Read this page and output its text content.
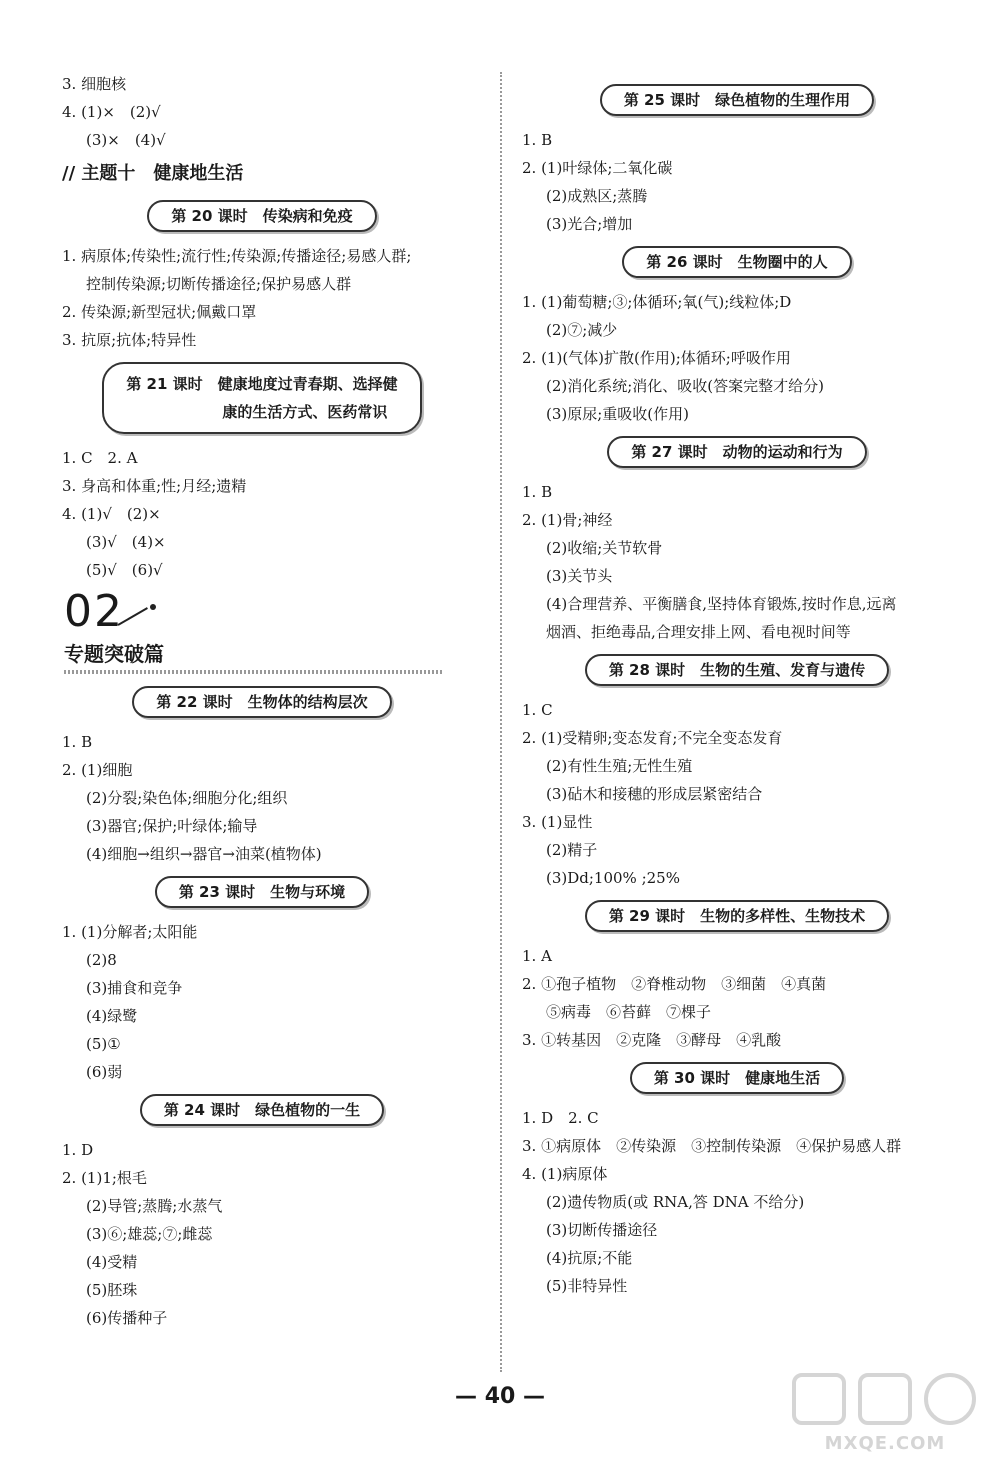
3. 细胞核
4. (1)×　(2)√
(3)×　(4)√
// 主题十　健康地生活
第 20 课时　传染病和免疫
1. 病原体;传染性;流行性;传染源;传播途径;易感人群;
控制传染源;切断传播途径;保护易感人群
2. 传染源;新型冠状;佩戴口罩
3. 抗原;抗体;特异性
第 21 课时　健康地度过青春期、选择健
康的生活方式、医药常识
1. C　2. A
3. 身高和体重;性;月经;遗精
4. (1)√　(2)×
(3)√　(4)×
(5)√　(6)√
02
专题突破篇
第 22 课时　生物体的结构层次
1. B
2. (1)细胞
(2)分裂;染色体;细胞分化;组织
(3)器官;保护;叶绿体;输导
(4)细胞→组织→器官→油菜(植物体)
第 23 课时　生物与环境
1. (1)分解者;太阳能
(2)8
(3)捕食和竞争
(4)绿鹭
(5)①
(6)弱
第 24 课时　绿色植物的一生
1. D
2. (1)1;根毛
(2)导管;蒸腾;水蒸气
(3)⑥;雄蕊;⑦;雌蕊
(4)受精
(5)胚珠
(6)传播种子
第 25 课时　绿色植物的生理作用
1. B
2. (1)叶绿体;二氧化碳
(2)成熟区;蒸腾
(3)光合;增加
第 26 课时　生物圈中的人
1. (1)葡萄糖;③;体循环;氧(气);线粒体;D
(2)⑦;减少
2. (1)(气体)扩散(作用);体循环;呼吸作用
(2)消化系统;消化、吸收(答案完整才给分)
(3)原尿;重吸收(作用)
第 27 课时　动物的运动和行为
1. B
2. (1)骨;神经
(2)收缩;关节软骨
(3)关节头
(4)合理营养、平衡膳食,坚持体育锻炼,按时作息,远离
烟酒、拒绝毒品,合理安排上网、看电视时间等
第 28 课时　生物的生殖、发育与遗传
1. C
2. (1)受精卵;变态发育;不完全变态发育
(2)有性生殖;无性生殖
(3)砧木和接穗的形成层紧密结合
3. (1)显性
(2)精子
(3)Dd;100% ;25%
第 29 课时　生物的多样性、生物技术
1. A
2. ①孢子植物　②脊椎动物　③细菌　④真菌
⑤病毒　⑥苔藓　⑦棵子
3. ①转基因　②克隆　③酵母　④乳酸
第 30 课时　健康地生活
1. D　2. C
3. ①病原体　②传染源　③控制传染源　④保护易感人群
4. (1)病原体
(2)遗传物质(或 RNA,答 DNA 不给分)
(3)切断传播途径
(4)抗原;不能
(5)非特异性
— 40 —
MXQE.COM
